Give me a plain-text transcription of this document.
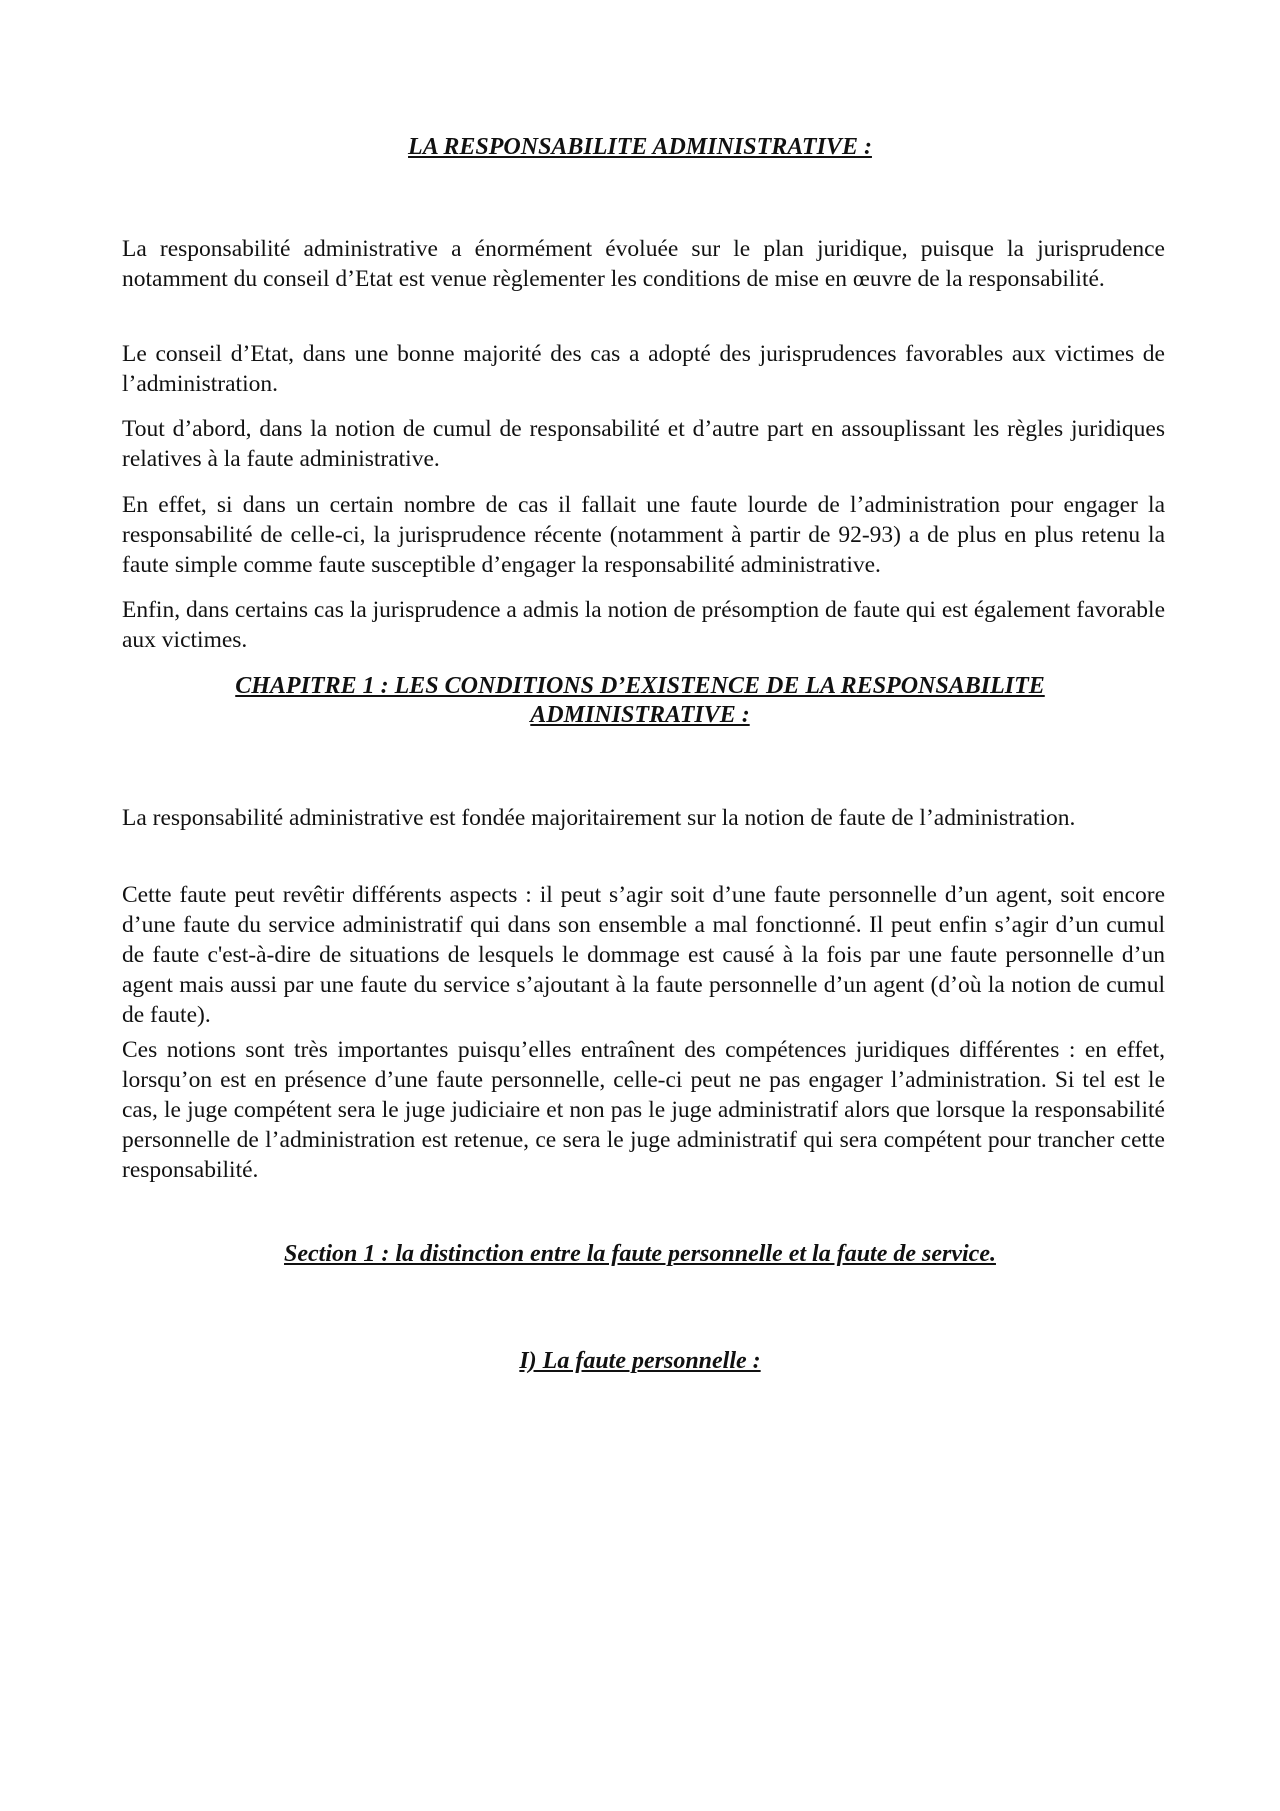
LA RESPONSABILITE ADMINISTRATIVE :

La responsabilité administrative a énormément évoluée sur le plan juridique, puisque la jurisprudence notamment du conseil d’Etat est venue règlementer les conditions de mise en œuvre de la responsabilité.

Le conseil d’Etat, dans une bonne majorité des cas a adopté des jurisprudences favorables aux victimes de l’administration.

Tout d’abord, dans la notion de cumul de responsabilité et d’autre part en assouplissant les règles juridiques relatives à la faute administrative.

En effet, si dans un certain nombre de cas il fallait une faute lourde de l’administration pour engager la responsabilité de celle-ci, la jurisprudence récente (notamment à partir de 92-93) a de plus en plus retenu la faute simple comme faute susceptible d’engager la responsabilité administrative.

Enfin, dans certains cas la jurisprudence a admis la notion de présomption de faute qui est également favorable aux victimes.

CHAPITRE 1 : LES CONDITIONS D’EXISTENCE DE LA RESPONSABILITE
ADMINISTRATIVE :

La responsabilité administrative est fondée majoritairement sur la notion de faute de l’administration.

Cette faute peut revêtir différents aspects : il peut s’agir soit d’une faute personnelle d’un agent, soit encore d’une faute du service administratif qui dans son ensemble a mal fonctionné. Il peut enfin s’agir d’un cumul de faute c'est-à-dire de situations de lesquels le dommage est causé à la fois par une faute personnelle d’un agent mais aussi par une faute du service s’ajoutant à la faute personnelle d’un agent (d’où la notion de cumul de faute).

Ces notions sont très importantes puisqu’elles entraînent des compétences juridiques différentes : en effet, lorsqu’on est en présence d’une faute personnelle, celle-ci peut ne pas engager l’administration. Si tel est le cas, le juge compétent sera le juge judiciaire et non pas le juge administratif alors que lorsque la responsabilité personnelle de l’administration est retenue, ce sera le juge administratif qui sera compétent pour trancher cette responsabilité.

Section 1 : la distinction entre la faute personnelle et la faute de service.
I) La faute personnelle :
